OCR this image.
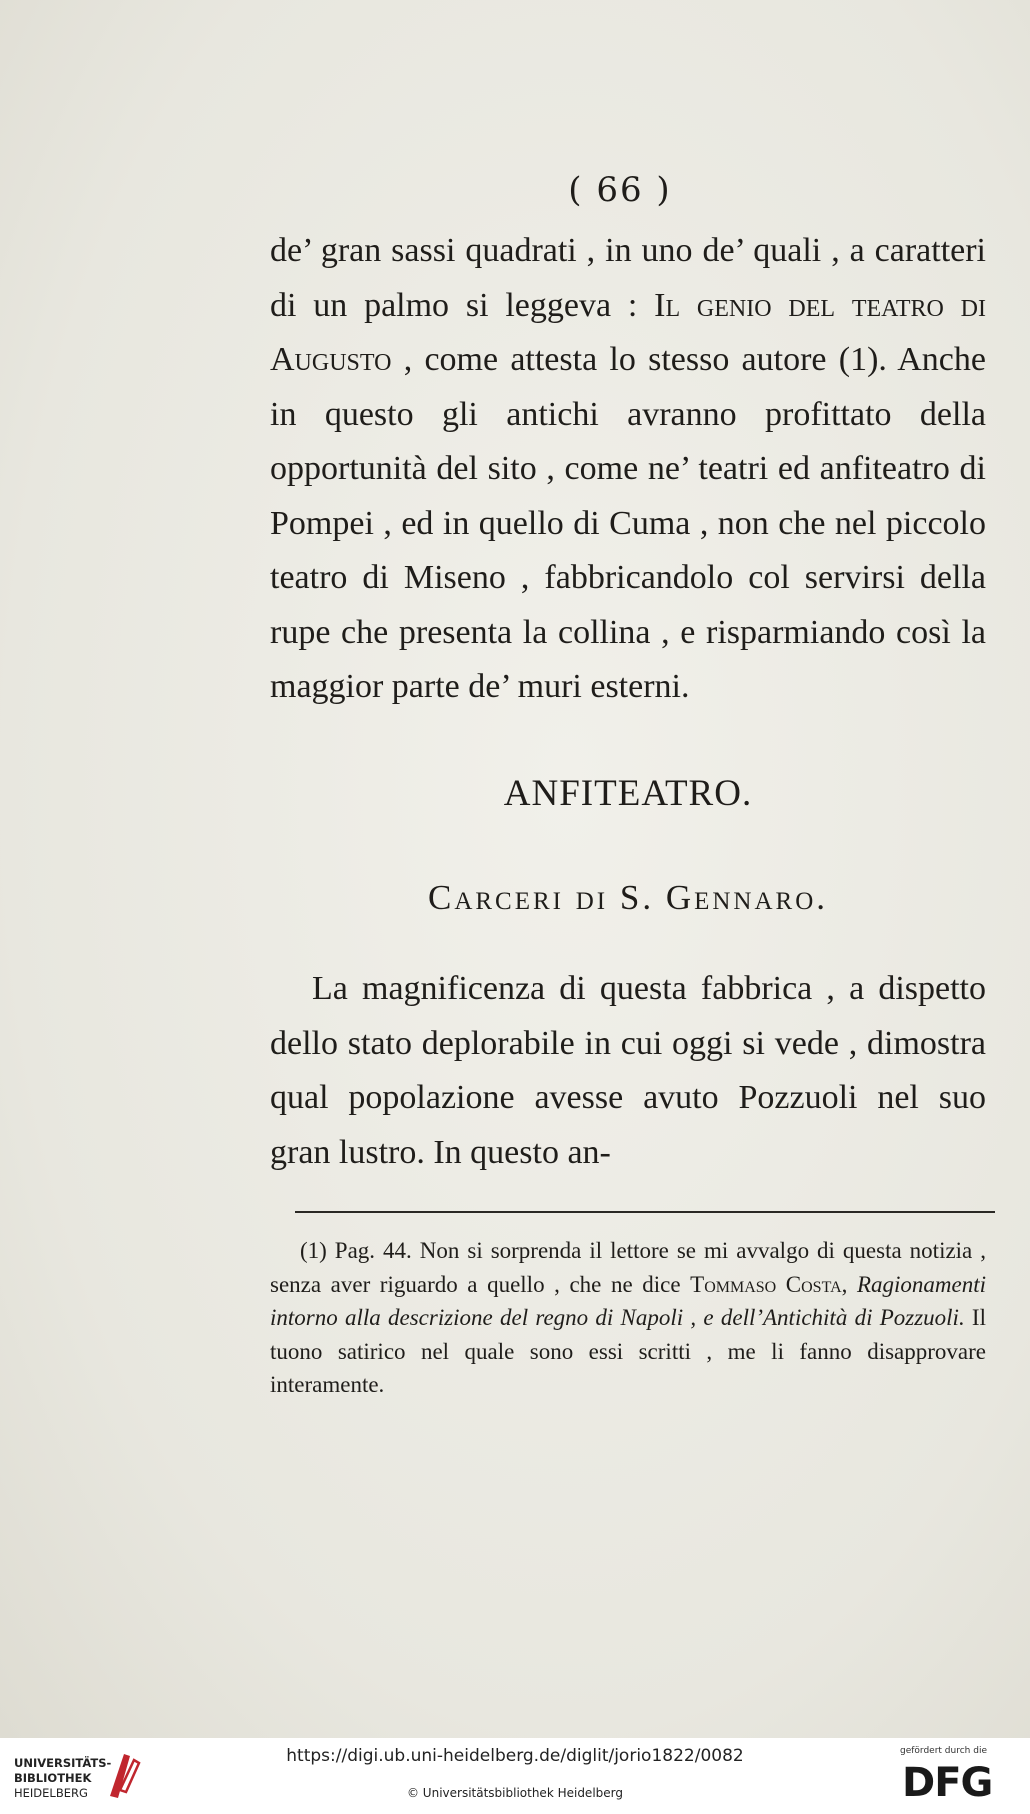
( 66 )

de’ gran sassi quadrati , in uno de’ quali , a caratteri di un palmo si leggeva : Il genio del teatro di Augusto , come attesta lo stesso autore (1). Anche in questo gli antichi avranno profittato della opportunità del sito , come ne’ teatri ed anfiteatro di Pompei , ed in quello di Cuma , non che nel piccolo teatro di Miseno , fabbricandolo col servirsi della rupe che presenta la collina , e risparmiando così la maggior parte de’ muri esterni.

ANFITEATRO.
Carceri di S. Gennaro.

La magnificenza di questa fabbrica , a dispetto dello stato deplorabile in cui oggi si vede , dimostra qual popolazione avesse avuto Pozzuoli nel suo gran lustro. In questo an-

(1) Pag. 44. Non si sorprenda il lettore se mi avvalgo di questa notizia , senza aver riguardo a quello , che ne dice Tommaso Costa, Ragionamenti intorno alla descrizione del regno di Napoli , e dell’Antichità di Pozzuoli. Il tuono satirico nel quale sono essi scritti , me li fanno disapprovare interamente.

UNIVERSITÄTS-
BIBLIOTHEK
HEIDELBERG
https://digi.ub.uni-heidelberg.de/diglit/jorio1822/0082
© Universitätsbibliothek Heidelberg
gefördert durch die
DFG
